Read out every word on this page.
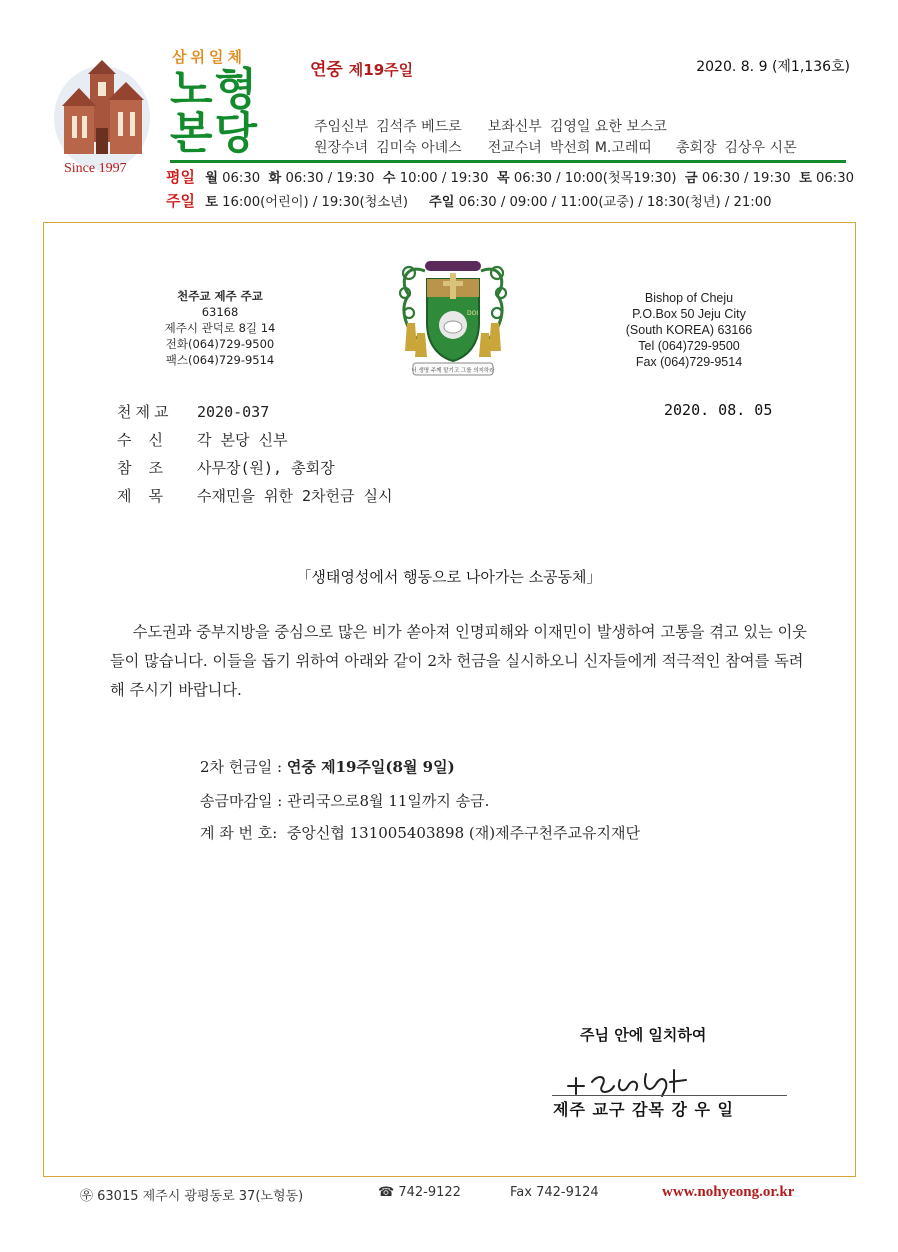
Since 1997
삼위일체
노형
본당
연중 제19주일	2020. 8. 9 (제1,136호)
주임신부 김석주 베드로 보좌신부 김영일 요한 보스코
원장수녀 김미숙 아녜스 전교수녀 박선희 M.고레띠 총회장 김상우 시몬
평일 월 06:30 화 06:30 / 19:30 수 10:00 / 19:30 목 06:30 / 10:00(첫목19:30) 금 06:30 / 19:30 토 06:30
주일 토 16:00(어린이) / 19:30(청소년) 주일 06:30 / 09:00 / 11:00(교중) / 18:30(청년) / 21:00
천주교 제주 주교
63168
제주시 관덕로 8길 14
전화(064)729-9500
팩스(064)729-9514
DOI
너 생명 주께 맡기고 그를 의지하라
Bishop of Cheju
P.O.Box 50 Jeju City
(South KOREA) 63166
Tel (064)729-9500
Fax (064)729-9514
천제교 2020-037	2020. 08. 05
수 신 각 본당 신부
참 조 사무장(원), 총회장
제 목 수재민을 위한 2차헌금 실시
「생태영성에서 행동으로 나아가는 소공동체」

수도권과 중부지방을 중심으로 많은 비가 쏟아져 인명피해와 이재민이 발생하여 고통을 겪고 있는 이웃들이 많습니다. 이들을 돕기 위하여 아래와 같이 2차 헌금을 실시하오니 신자들에게 적극적인 참여를 독려해 주시기 바랍니다.

2차 헌금일 : 연중 제19주일(8월 9일)
송금마감일 : 관리국으로8월 11일까지 송금.
계 좌 번 호: 중앙신협 131005403898 (재)제주구천주교유지재단
주님 안에 일치하여
제주 교구 감목 강 우 일
㉾ 63015 제주시 광평동로 37(노형동)	☎ 742-9122	Fax 742-9124	www.nohyeong.or.kr
